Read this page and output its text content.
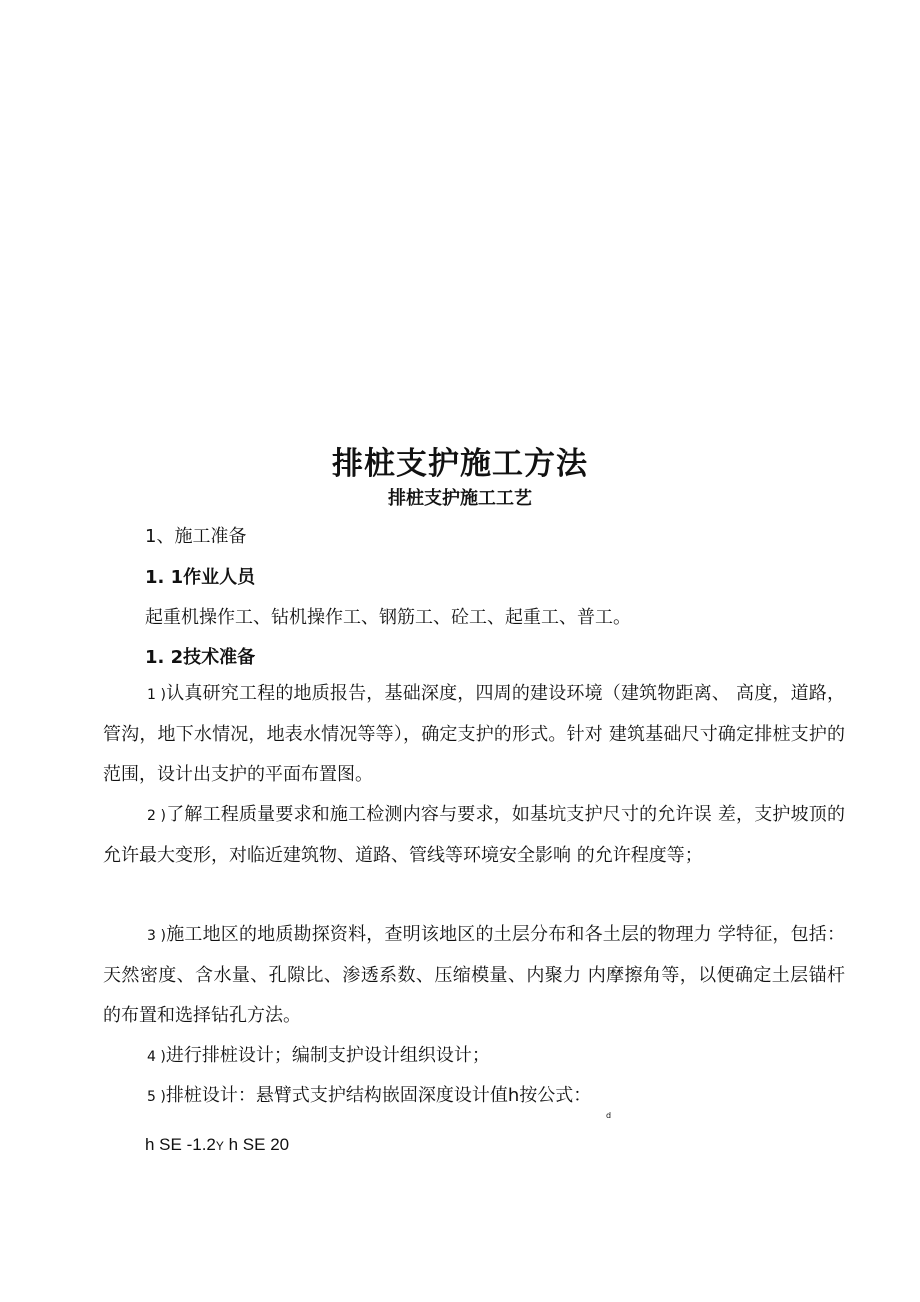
排桩支护施工方法
排桩支护施工工艺
1、施工准备
1. 1作业人员
起重机操作工、钻机操作工、钢筋工、砼工、起重工、普工。
1. 2技术准备
1 )认真研究工程的地质报告，基础深度，四周的建设环境（建筑物距离、 高度，道路，管沟，地下水情况，地表水情况等等），确定支护的形式。针对 建筑基础尺寸确定排桩支护的范围，设计出支护的平面布置图。
2 )了解工程质量要求和施工检测内容与要求，如基坑支护尺寸的允许误 差，支护坡顶的允许最大变形，对临近建筑物、道路、管线等环境安全影响 的允许程度等；
3 )施工地区的地质勘探资料，查明该地区的土层分布和各土层的物理力 学特征，包括：天然密度、含水量、孔隙比、渗透系数、压缩模量、内聚力 内摩擦角等，以便确定土层锚杆的布置和选择钻孔方法。
4 )进行排桩设计；编制支护设计组织设计；
5 )排桩设计：悬臂式支护结构嵌固深度设计值h按公式：
d
h SE -1.2Y h SE 20
